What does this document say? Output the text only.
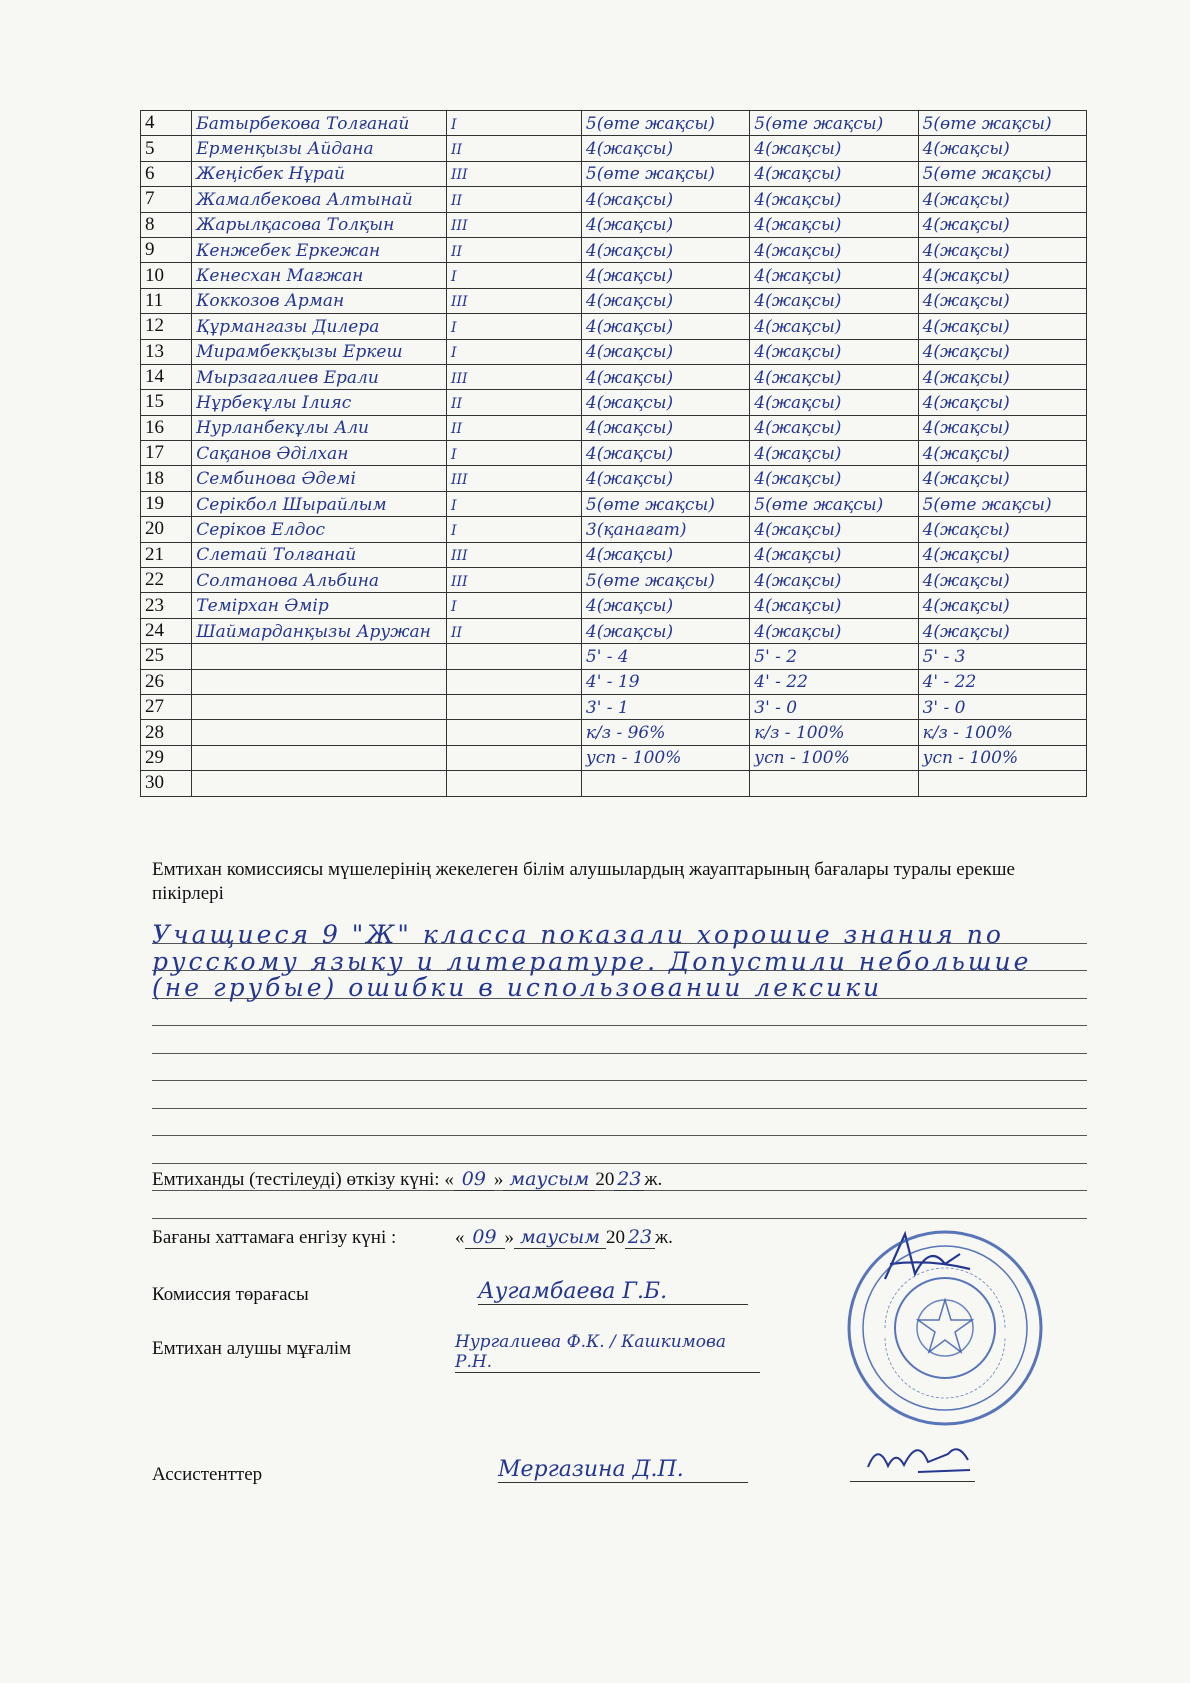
4	Батырбекова Толғанай	I	5(өте жақсы)	5(өте жақсы)	5(өте жақсы)
5	Ерменқызы Айдана	II	4(жақсы)	4(жақсы)	4(жақсы)
6	Жеңісбек Нұрай	III	5(өте жақсы)	4(жақсы)	5(өте жақсы)
7	Жамалбекова Алтынай	II	4(жақсы)	4(жақсы)	4(жақсы)
8	Жарылқасова Толқын	III	4(жақсы)	4(жақсы)	4(жақсы)
9	Кенжебек Еркежан	II	4(жақсы)	4(жақсы)	4(жақсы)
10	Кенесхан Мағжан	I	4(жақсы)	4(жақсы)	4(жақсы)
11	Коккозов Арман	III	4(жақсы)	4(жақсы)	4(жақсы)
12	Құрмангазы Дилера	I	4(жақсы)	4(жақсы)	4(жақсы)
13	Мирамбекқызы Еркеш	I	4(жақсы)	4(жақсы)	4(жақсы)
14	Мырзагалиев Ерали	III	4(жақсы)	4(жақсы)	4(жақсы)
15	Нұрбекұлы Ілияс	II	4(жақсы)	4(жақсы)	4(жақсы)
16	Нурланбекұлы Али	II	4(жақсы)	4(жақсы)	4(жақсы)
17	Сақанов Әділхан	I	4(жақсы)	4(жақсы)	4(жақсы)
18	Сембинова Әдемі	III	4(жақсы)	4(жақсы)	4(жақсы)
19	Серікбол Шырайлым	I	5(өте жақсы)	5(өте жақсы)	5(өте жақсы)
20	Серіков Елдос	I	3(қанағат)	4(жақсы)	4(жақсы)
21	Слетай Толғанай	III	4(жақсы)	4(жақсы)	4(жақсы)
22	Солтанова Альбина	III	5(өте жақсы)	4(жақсы)	4(жақсы)
23	Темірхан Әмір	I	4(жақсы)	4(жақсы)	4(жақсы)
24	Шаймарданқызы Аружан	II	4(жақсы)	4(жақсы)	4(жақсы)
25			5' - 4	5' - 2	5' - 3
26			4' - 19	4' - 22	4' - 22
27			3' - 1	3' - 0	3' - 0
28			к/з - 96%	к/з - 100%	к/з - 100%
29			усп - 100%	усп - 100%	усп - 100%
30					
Емтихан комиссиясы мүшелерінің жекелеген білім алушылардың жауаптарының бағалары туралы ерекше пікірлері
Учащиеся 9 "Ж" класса показали хорошие знания по русскому языку и литературе. Допустили небольшие (не грубые) ошибки в использовании лексики
Емтиханды (тестілеуді) өткізу күні: « 09 » маусым 20 23 ж.
Бағаны хаттамаға енгізу күні :	« 09 » маусым 20 23 ж.
Комиссия төрағасы	Аугамбаева Г.Б.
Емтихан алушы мұғалім	Нургалиева Ф.К. / Кашкимова Р.Н.
Ассистенттер	Мергазина Д.П.
